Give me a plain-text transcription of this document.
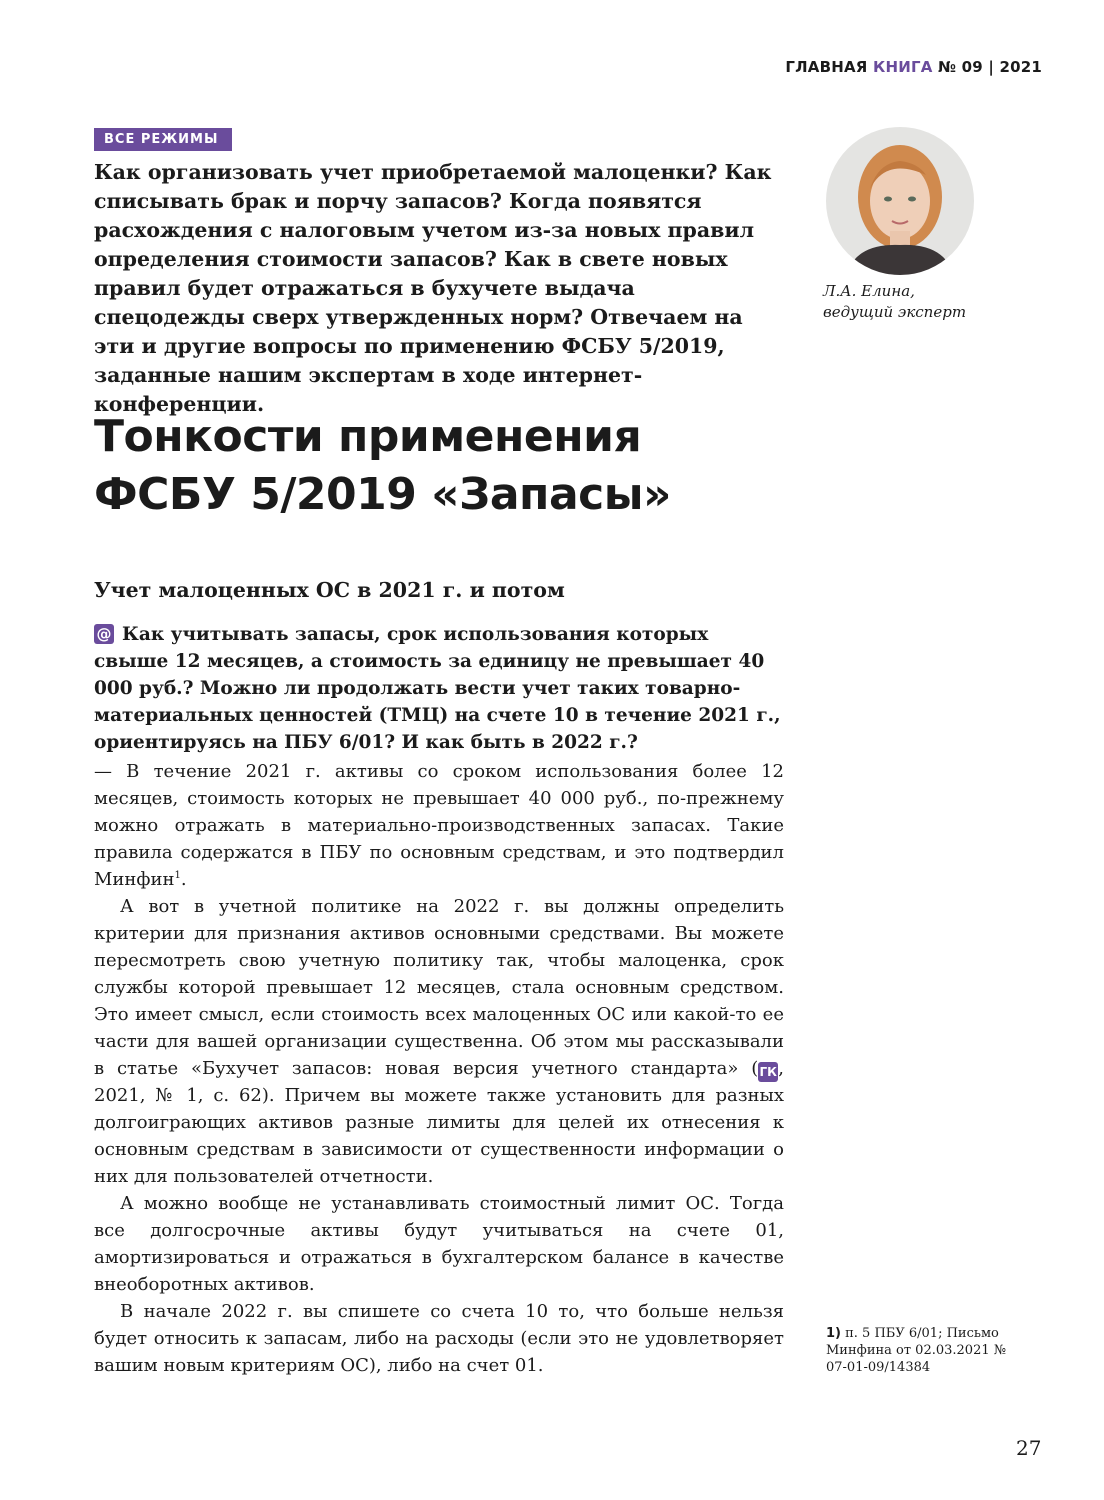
ГЛАВНАЯ КНИГА № 09 | 2021
ВСЕ РЕЖИМЫ

Как организовать учет приобретаемой малоценки? Как списывать брак и порчу запасов? Когда появятся расхождения с налоговым учетом из-за новых правил определения стоимости запасов? Как в свете новых правил будет отражаться в бухучете выдача спецодежды сверх утвержденных норм? Отвечаем на эти и другие вопросы по применению ФСБУ 5/2019, заданные нашим экспертам в ходе интернет-конференции.

Л.А. Елина,
ведущий эксперт
Тонкости применения
ФСБУ 5/2019 «Запасы»
Учет малоценных ОС в 2021 г. и потом

@ Как учитывать запасы, срок использования которых свыше 12 месяцев, а стоимость за единицу не превышает 40 000 руб.? Можно ли продолжать вести учет таких товарно-материальных ценностей (ТМЦ) на счете 10 в течение 2021 г., ориентируясь на ПБУ 6/01? И как быть в 2022 г.?

— В течение 2021 г. активы со сроком использования более 12 месяцев, стоимость которых не превышает 40 000 руб., по-прежнему можно отражать в материально-производственных запасах. Такие правила содержатся в ПБУ по основным средствам, и это подтвердил Минфин$^1$.

А вот в учетной политике на 2022 г. вы должны определить критерии для признания активов основными средствами. Вы можете пересмотреть свою учетную политику так, чтобы малоценка, срок службы которой превышает 12 месяцев, стала основным средством. Это имеет смысл, если стоимость всех малоценных ОС или какой-то ее части для вашей организации существенна. Об этом мы рассказывали в статье «Бухучет запасов: новая версия учетного стандарта» (ГК, 2021, № 1, с. 62). Причем вы можете также установить для разных долгоиграющих активов разные лимиты для целей их отнесения к основным средствам в зависимости от существенности информации о них для пользователей отчетности.

А можно вообще не устанавливать стоимостный лимит ОС. Тогда все долгосрочные активы будут учитываться на счете 01, амортизироваться и отражаться в бухгалтерском балансе в качестве внеоборотных активов.

В начале 2022 г. вы спишете со счета 10 то, что больше нельзя будет относить к запасам, либо на расходы (если это не удовлетворяет вашим новым критериям ОС), либо на счет 01.

1) п. 5 ПБУ 6/01; Письмо Минфина от 02.03.2021 № 07-01-09/14384
27
